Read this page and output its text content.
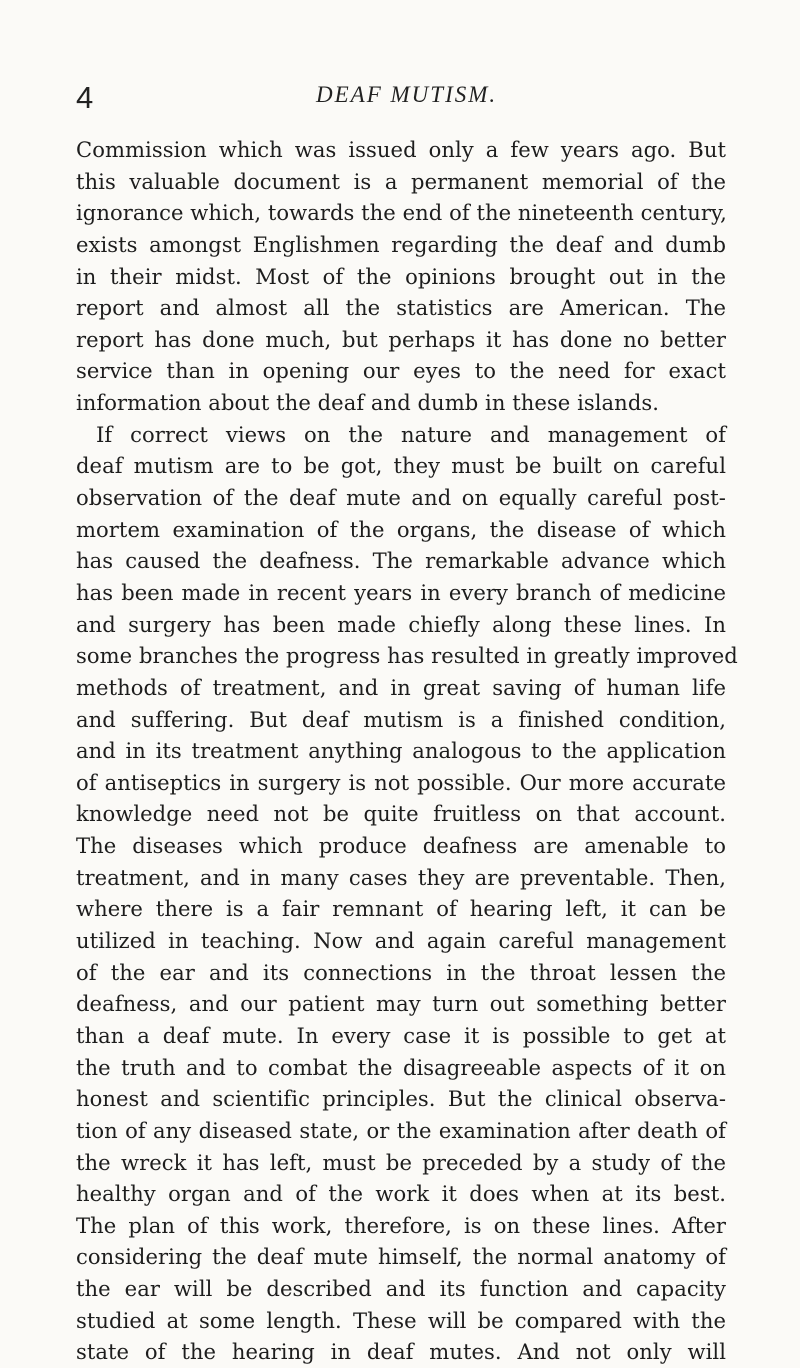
4	DEAF MUTISM.
Commission which was issued only a few years ago. But
this valuable document is a permanent memorial of the
ignorance which, towards the end of the nineteenth century,
exists amongst Englishmen regarding the deaf and dumb
in their midst. Most of the opinions brought out in the
report and almost all the statistics are American. The
report has done much, but perhaps it has done no better
service than in opening our eyes to the need for exact
information about the deaf and dumb in these islands.
If correct views on the nature and management of
deaf mutism are to be got, they must be built on careful
observation of the deaf mute and on equally careful post-
mortem examination of the organs, the disease of which
has caused the deafness. The remarkable advance which
has been made in recent years in every branch of medicine
and surgery has been made chiefly along these lines. In
some branches the progress has resulted in greatly improved
methods of treatment, and in great saving of human life
and suffering. But deaf mutism is a finished condition,
and in its treatment anything analogous to the application
of antiseptics in surgery is not possible. Our more accurate
knowledge need not be quite fruitless on that account.
The diseases which produce deafness are amenable to
treatment, and in many cases they are preventable. Then,
where there is a fair remnant of hearing left, it can be
utilized in teaching. Now and again careful management
of the ear and its connections in the throat lessen the
deafness, and our patient may turn out something better
than a deaf mute. In every case it is possible to get at
the truth and to combat the disagreeable aspects of it on
honest and scientific principles. But the clinical observa-
tion of any diseased state, or the examination after death of
the wreck it has left, must be preceded by a study of the
healthy organ and of the work it does when at its best.
The plan of this work, therefore, is on these lines. After
considering the deaf mute himself, the normal anatomy of
the ear will be described and its function and capacity
studied at some length. These will be compared with the
state of the hearing in deaf mutes. And not only will
